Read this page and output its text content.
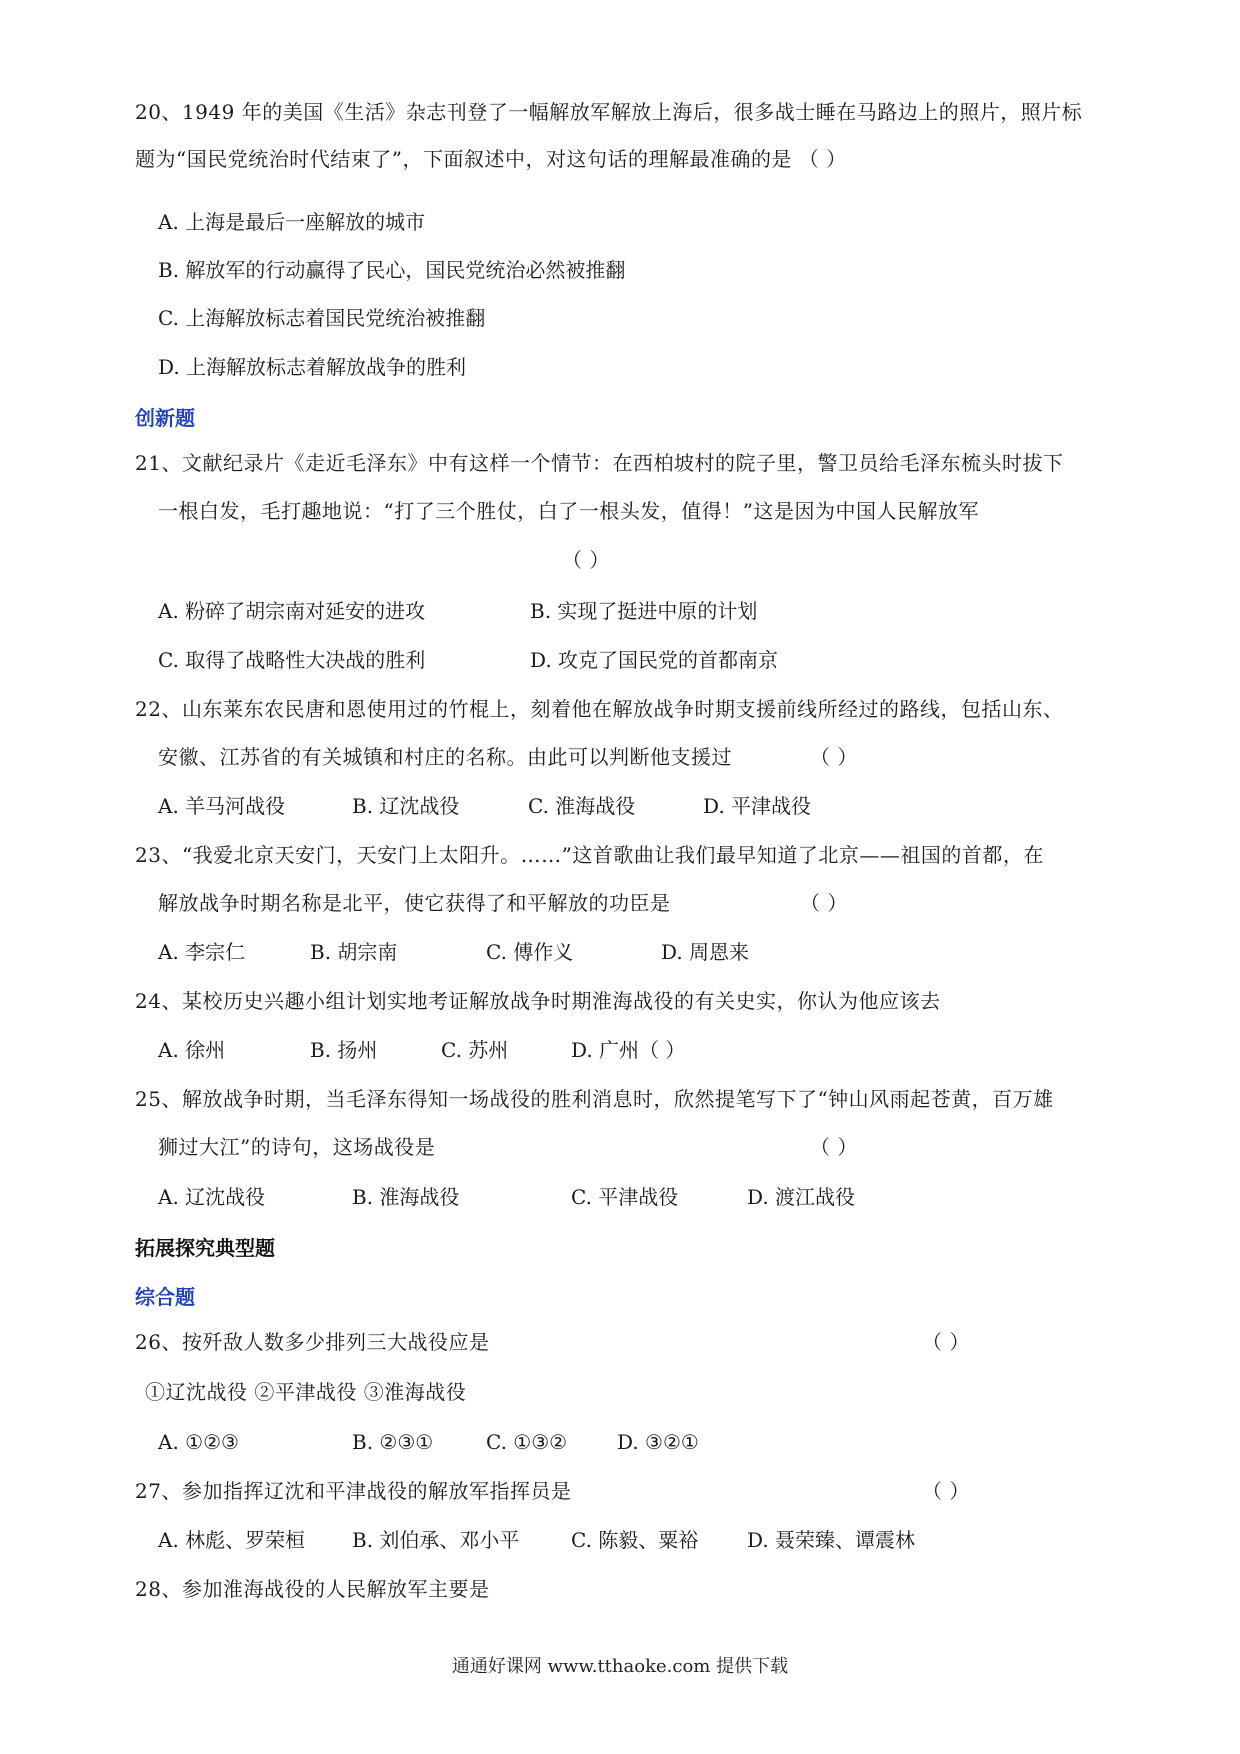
20、1949 年的美国《生活》杂志刊登了一幅解放军解放上海后，很多战士睡在马路边上的照片，照片标
题为“国民党统治时代结束了”，下面叙述中，对这句话的理解最准确的是 （ ）
A. 上海是最后一座解放的城市
B. 解放军的行动赢得了民心，国民党统治必然被推翻
C. 上海解放标志着国民党统治被推翻
D. 上海解放标志着解放战争的胜利
创新题
21、文献纪录片《走近毛泽东》中有这样一个情节：在西柏坡村的院子里，警卫员给毛泽东梳头时拔下
一根白发，毛打趣地说：“打了三个胜仗，白了一根头发，值得！”这是因为中国人民解放军
（ ）
A. 粉碎了胡宗南对延安的进攻	B. 实现了挺进中原的计划
C. 取得了战略性大决战的胜利	D. 攻克了国民党的首都南京
22、山东莱东农民唐和恩使用过的竹棍上，刻着他在解放战争时期支援前线所经过的路线，包括山东、
安徽、江苏省的有关城镇和村庄的名称。由此可以判断他支援过	（ ）
A. 羊马河战役	B. 辽沈战役	C. 淮海战役	D. 平津战役
23、“我爱北京天安门，天安门上太阳升。……”这首歌曲让我们最早知道了北京——祖国的首都，在
解放战争时期名称是北平，使它获得了和平解放的功臣是	（ ）
A. 李宗仁	B. 胡宗南	C. 傅作义	D. 周恩来
24、某校历史兴趣小组计划实地考证解放战争时期淮海战役的有关史实，你认为他应该去
A. 徐州	B. 扬州	C. 苏州	D. 广州（ ）
25、解放战争时期，当毛泽东得知一场战役的胜利消息时，欣然提笔写下了“钟山风雨起苍黄，百万雄
狮过大江”的诗句，这场战役是	（ ）
A. 辽沈战役	B. 淮海战役	C. 平津战役	D. 渡江战役
拓展探究典型题
综合题
26、按歼敌人数多少排列三大战役应是	（ ）
①辽沈战役 ②平津战役 ③淮海战役
A. ①②③	B. ②③①	C. ①③② D. ③②①
27、参加指挥辽沈和平津战役的解放军指挥员是	（ ）
A. 林彪、罗荣桓 B. 刘伯承、邓小平	C. 陈毅、粟裕 D. 聂荣臻、谭震林
28、参加淮海战役的人民解放军主要是
通通好课网 www.tthaoke.com 提供下载
